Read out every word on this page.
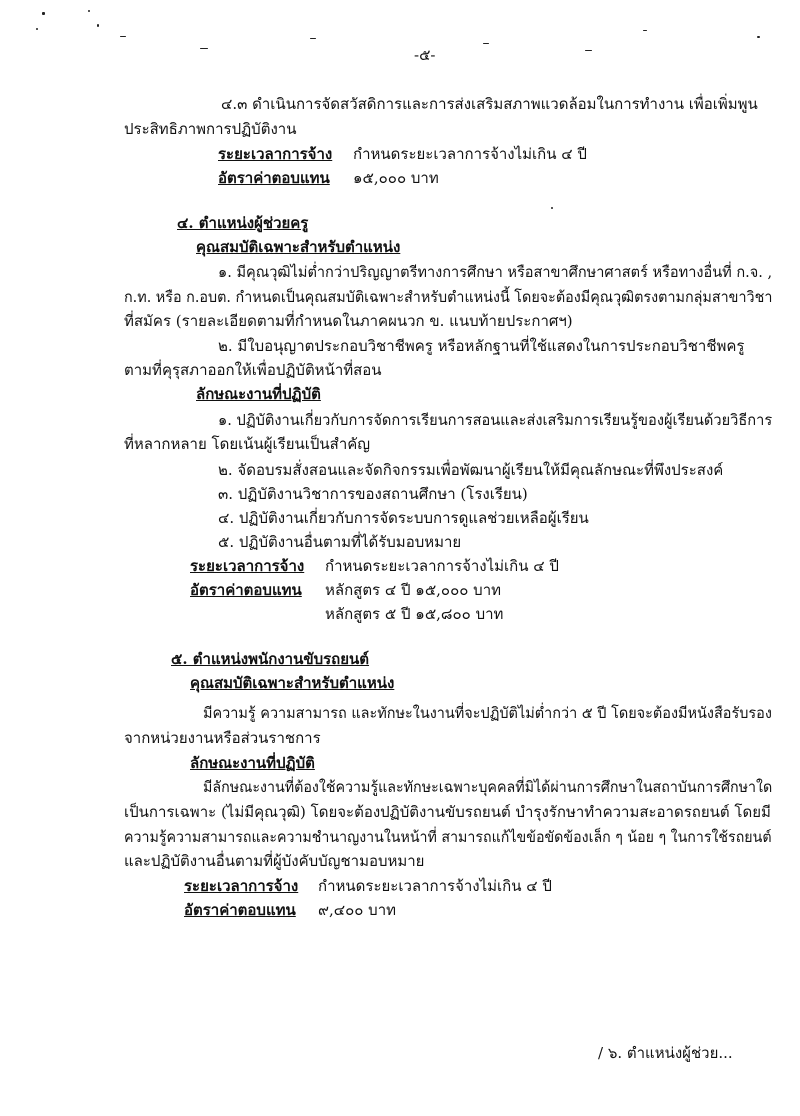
-๕-
๔.๓ ดำเนินการจัดสวัสดิการและการส่งเสริมสภาพแวดล้อมในการทำงาน เพื่อเพิ่มพูน
ประสิทธิภาพการปฏิบัติงาน
ระยะเวลาการจ้าง กำหนดระยะเวลาการจ้างไม่เกิน ๔ ปี
อัตราค่าตอบแทน ๑๕,๐๐๐ บาท
๔. ตำแหน่งผู้ช่วยครู
คุณสมบัติเฉพาะสำหรับตำแหน่ง
๑. มีคุณวุฒิไม่ต่ำกว่าปริญญาตรีทางการศึกษา หรือสาขาศึกษาศาสตร์ หรือทางอื่นที่ ก.จ. ,
ก.ท. หรือ ก.อบต. กำหนดเป็นคุณสมบัติเฉพาะสำหรับตำแหน่งนี้ โดยจะต้องมีคุณวุฒิตรงตามกลุ่มสาขาวิชา
ที่สมัคร (รายละเอียดตามที่กำหนดในภาคผนวก ข. แนบท้ายประกาศฯ)
๒. มีใบอนุญาตประกอบวิชาชีพครู หรือหลักฐานที่ใช้แสดงในการประกอบวิชาชีพครู
ตามที่คุรุสภาออกให้เพื่อปฏิบัติหน้าที่สอน
ลักษณะงานที่ปฏิบัติ
๑. ปฏิบัติงานเกี่ยวกับการจัดการเรียนการสอนและส่งเสริมการเรียนรู้ของผู้เรียนด้วยวิธีการ
ที่หลากหลาย โดยเน้นผู้เรียนเป็นสำคัญ
๒. จัดอบรมสั่งสอนและจัดกิจกรรมเพื่อพัฒนาผู้เรียนให้มีคุณลักษณะที่พึงประสงค์
๓. ปฏิบัติงานวิชาการของสถานศึกษา (โรงเรียน)
๔. ปฏิบัติงานเกี่ยวกับการจัดระบบการดูแลช่วยเหลือผู้เรียน
๕. ปฏิบัติงานอื่นตามที่ได้รับมอบหมาย
ระยะเวลาการจ้าง กำหนดระยะเวลาการจ้างไม่เกิน ๔ ปี
อัตราค่าตอบแทน หลักสูตร ๔ ปี ๑๕,๐๐๐ บาท
หลักสูตร ๕ ปี ๑๕,๘๐๐ บาท
๕. ตำแหน่งพนักงานขับรถยนต์
คุณสมบัติเฉพาะสำหรับตำแหน่ง
มีความรู้ ความสามารถ และทักษะในงานที่จะปฏิบัติไม่ต่ำกว่า ๕ ปี โดยจะต้องมีหนังสือรับรอง
จากหน่วยงานหรือส่วนราชการ
ลักษณะงานที่ปฏิบัติ
มีลักษณะงานที่ต้องใช้ความรู้และทักษะเฉพาะบุคคลที่มิได้ผ่านการศึกษาในสถาบันการศึกษาใด
เป็นการเฉพาะ (ไม่มีคุณวุฒิ) โดยจะต้องปฏิบัติงานขับรถยนต์ บำรุงรักษาทำความสะอาดรถยนต์ โดยมี
ความรู้ความสามารถและความชำนาญงานในหน้าที่ สามารถแก้ไขข้อขัดข้องเล็ก ๆ น้อย ๆ ในการใช้รถยนต์
และปฏิบัติงานอื่นตามที่ผู้บังคับบัญชามอบหมาย
ระยะเวลาการจ้าง กำหนดระยะเวลาการจ้างไม่เกิน ๔ ปี
อัตราค่าตอบแทน ๙,๔๐๐ บาท
/ ๖. ตำแหน่งผู้ช่วย...
